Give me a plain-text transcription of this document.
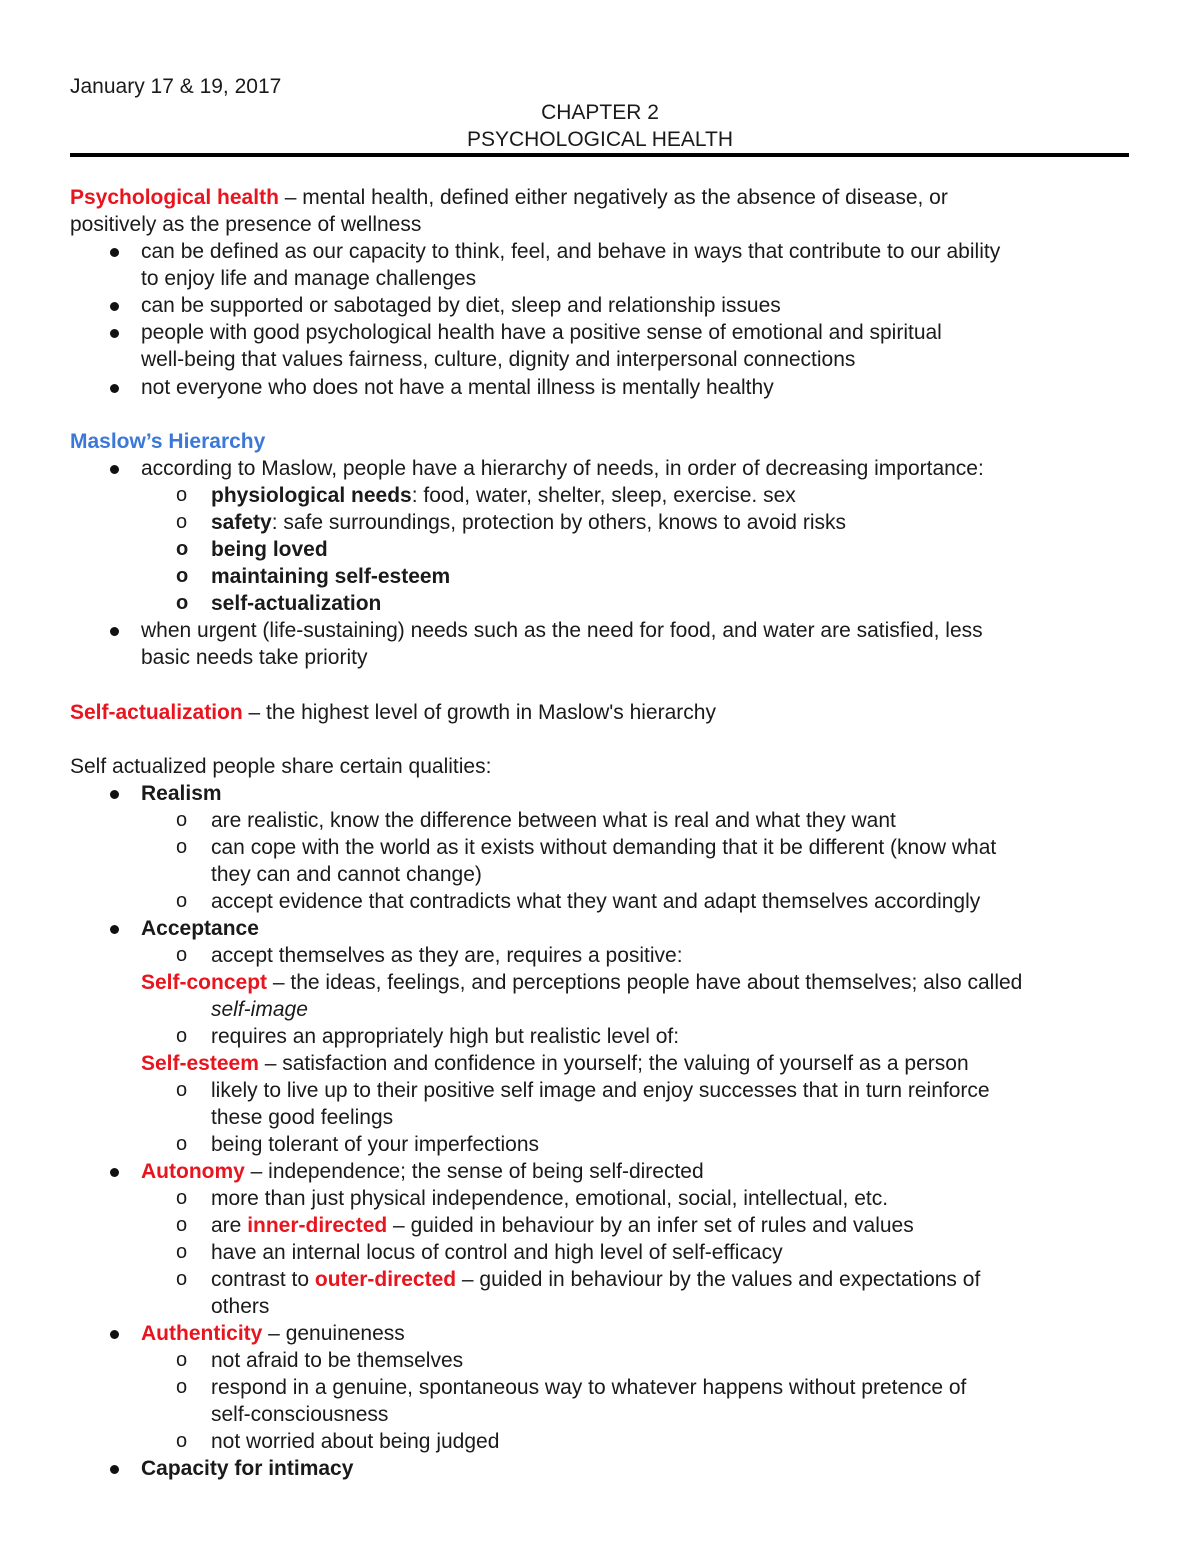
January 17 & 19, 2017
CHAPTER 2
PSYCHOLOGICAL HEALTH
Psychological health – mental health, defined either negatively as the absence of disease, or
positively as the presence of wellness
can be defined as our capacity to think, feel, and behave in ways that contribute to our ability
to enjoy life and manage challenges
can be supported or sabotaged by diet, sleep and relationship issues
people with good psychological health have a positive sense of emotional and spiritual
well-being that values fairness, culture, dignity and interpersonal connections
not everyone who does not have a mental illness is mentally healthy
Maslow’s Hierarchy
according to Maslow, people have a hierarchy of needs, in order of decreasing importance:
o physiological needs: food, water, shelter, sleep, exercise. sex
o safety: safe surroundings, protection by others, knows to avoid risks
o being loved
o maintaining self-esteem
o self-actualization
when urgent (life-sustaining) needs such as the need for food, and water are satisfied, less
basic needs take priority
Self-actualization – the highest level of growth in Maslow's hierarchy
Self actualized people share certain qualities:
Realism
o are realistic, know the difference between what is real and what they want
o can cope with the world as it exists without demanding that it be different (know what
they can and cannot change)
o accept evidence that contradicts what they want and adapt themselves accordingly
Acceptance
o accept themselves as they are, requires a positive:
Self-concept – the ideas, feelings, and perceptions people have about themselves; also called
self-image
o requires an appropriately high but realistic level of:
Self-esteem – satisfaction and confidence in yourself; the valuing of yourself as a person
o likely to live up to their positive self image and enjoy successes that in turn reinforce
these good feelings
o being tolerant of your imperfections
Autonomy – independence; the sense of being self-directed
o more than just physical independence, emotional, social, intellectual, etc.
o are inner-directed – guided in behaviour by an infer set of rules and values
o have an internal locus of control and high level of self-efficacy
o contrast to outer-directed – guided in behaviour by the values and expectations of
others
Authenticity – genuineness
o not afraid to be themselves
o respond in a genuine, spontaneous way to whatever happens without pretence of
self-consciousness
o not worried about being judged
Capacity for intimacy
